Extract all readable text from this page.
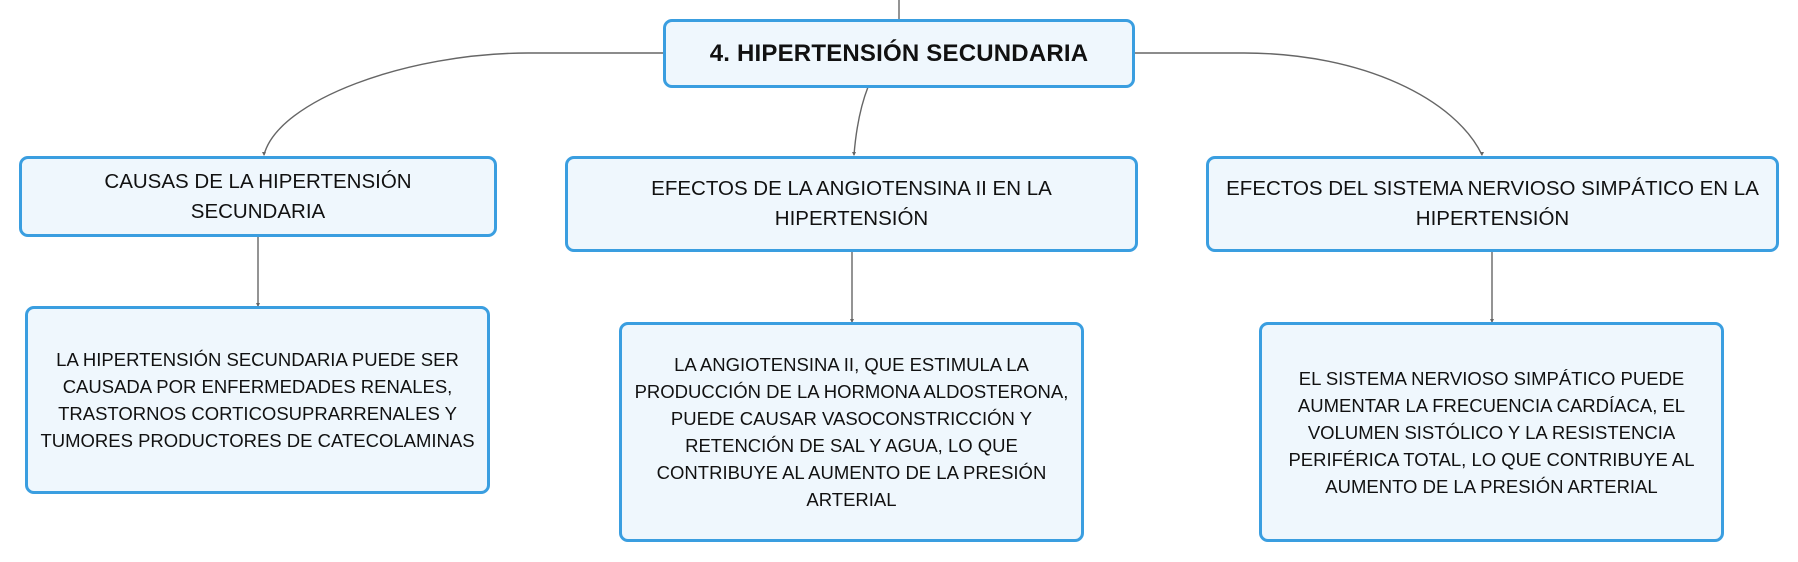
4. HIPERTENSIÓN SECUNDARIA
CAUSAS DE LA HIPERTENSIÓN SECUNDARIA
EFECTOS DE LA ANGIOTENSINA II EN LA HIPERTENSIÓN
EFECTOS DEL SISTEMA NERVIOSO SIMPÁTICO EN LA HIPERTENSIÓN
LA HIPERTENSIÓN SECUNDARIA PUEDE SER CAUSADA POR ENFERMEDADES RENALES, TRASTORNOS CORTICOSUPRARRENALES Y TUMORES PRODUCTORES DE CATECOLAMINAS
LA ANGIOTENSINA II, QUE ESTIMULA LA PRODUCCIÓN DE LA HORMONA ALDOSTERONA, PUEDE CAUSAR VASOCONSTRICCIÓN Y RETENCIÓN DE SAL Y AGUA, LO QUE CONTRIBUYE AL AUMENTO DE LA PRESIÓN ARTERIAL
EL SISTEMA NERVIOSO SIMPÁTICO PUEDE AUMENTAR LA FRECUENCIA CARDÍACA, EL VOLUMEN SISTÓLICO Y LA RESISTENCIA PERIFÉRICA TOTAL, LO QUE CONTRIBUYE AL AUMENTO DE LA PRESIÓN ARTERIAL
